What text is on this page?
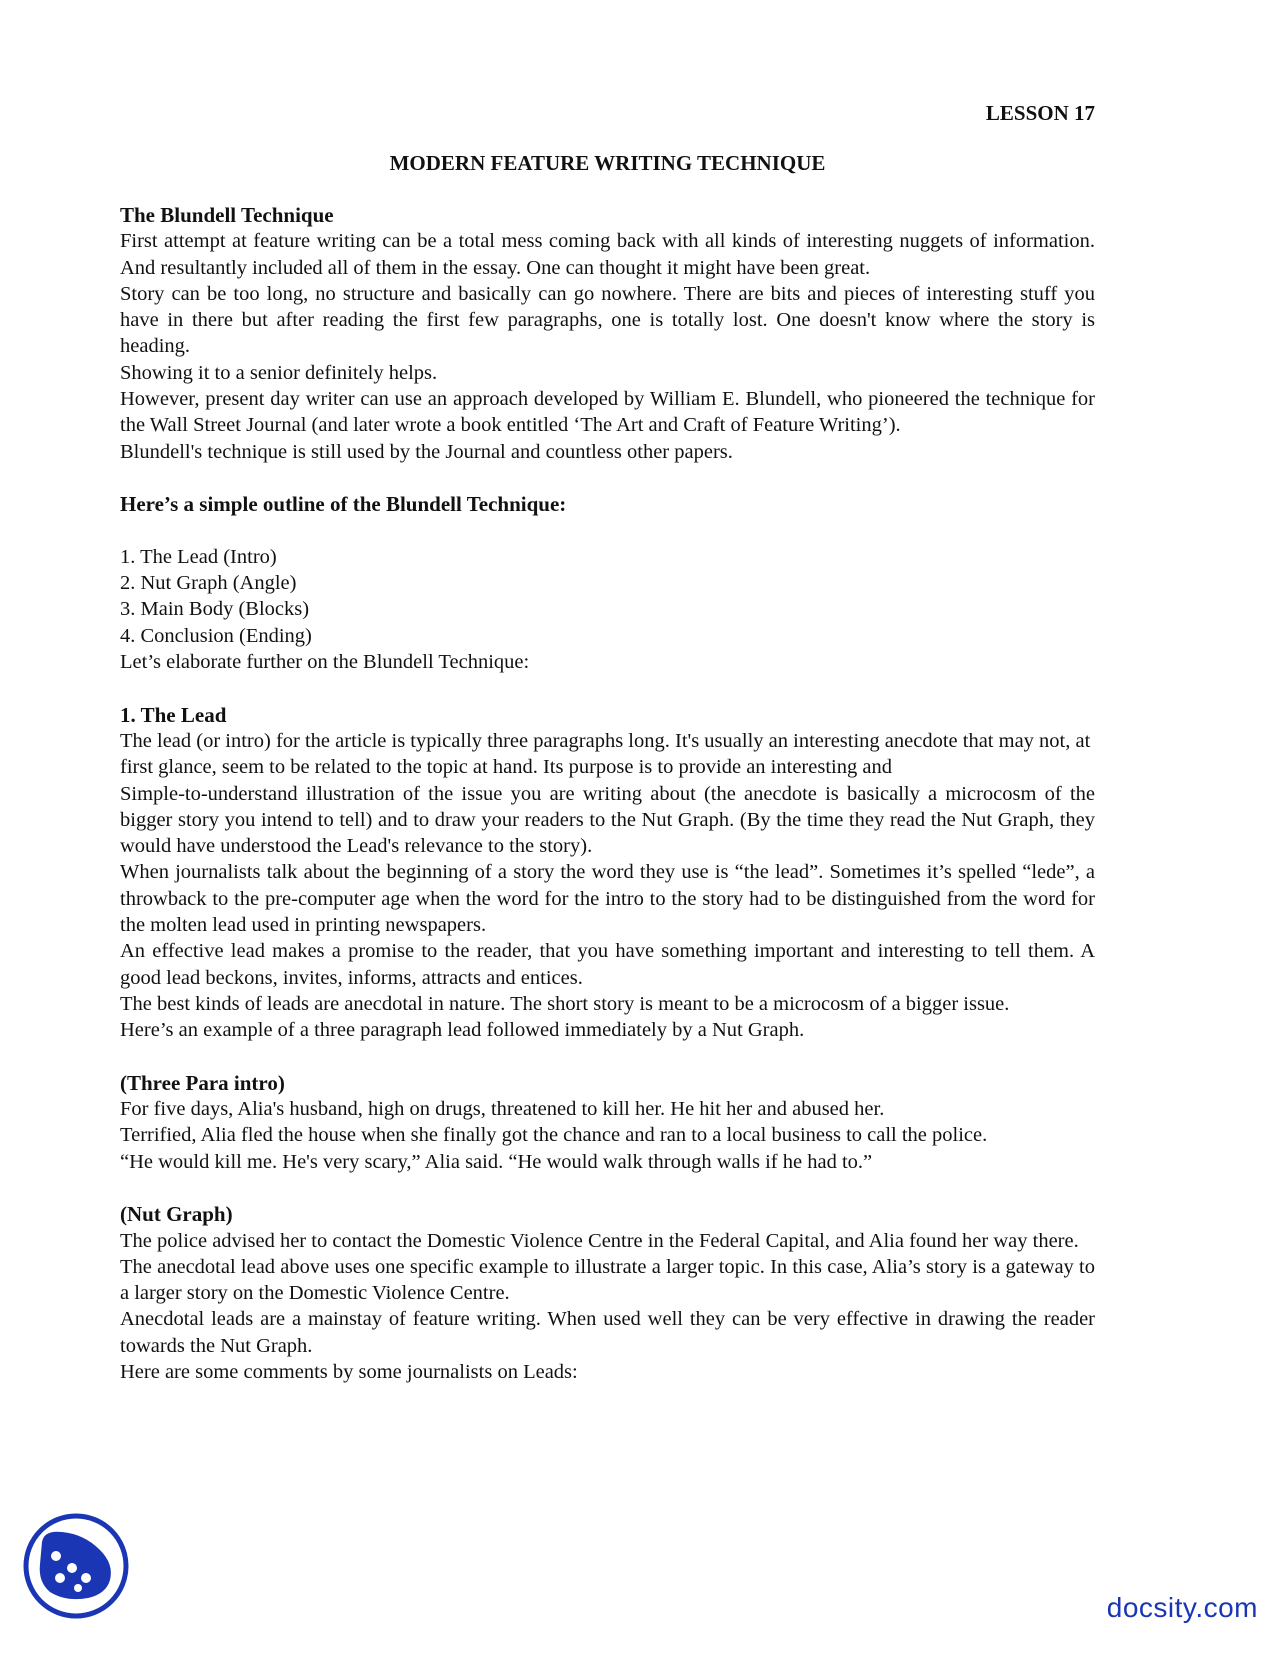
LESSON 17

MODERN FEATURE WRITING TECHNIQUE

The Blundell Technique

First attempt at feature writing can be a total mess coming back with all kinds of interesting nuggets of information. And resultantly included all of them in the essay. One can thought it might have been great.

Story can be too long, no structure and basically can go nowhere. There are bits and pieces of interesting stuff you have in there but after reading the first few paragraphs, one is totally lost. One doesn't know where the story is heading.

Showing it to a senior definitely helps.

However, present day writer can use an approach developed by William E. Blundell, who pioneered the technique for the Wall Street Journal (and later wrote a book entitled ‘The Art and Craft of Feature Writing’).

Blundell's technique is still used by the Journal and countless other papers.

Here’s a simple outline of the Blundell Technique:

1. The Lead (Intro)

2. Nut Graph (Angle)

3. Main Body (Blocks)

4. Conclusion (Ending)

Let’s elaborate further on the Blundell Technique:

1. The Lead

The lead (or intro) for the article is typically three paragraphs long. It's usually an interesting anecdote that may not, at first glance, seem to be related to the topic at hand. Its purpose is to provide an interesting and

Simple-to-understand illustration of the issue you are writing about (the anecdote is basically a microcosm of the bigger story you intend to tell) and to draw your readers to the Nut Graph. (By the time they read the Nut Graph, they would have understood the Lead's relevance to the story).

When journalists talk about the beginning of a story the word they use is “the lead”. Sometimes it’s spelled “lede”, a throwback to the pre-computer age when the word for the intro to the story had to be distinguished from the word for the molten lead used in printing newspapers.

An effective lead makes a promise to the reader, that you have something important and interesting to tell them. A good lead beckons, invites, informs, attracts and entices.

The best kinds of leads are anecdotal in nature. The short story is meant to be a microcosm of a bigger issue.

Here’s an example of a three paragraph lead followed immediately by a Nut Graph.

(Three Para intro)

For five days, Alia's husband, high on drugs, threatened to kill her. He hit her and abused her.

Terrified, Alia fled the house when she finally got the chance and ran to a local business to call the police.

“He would kill me. He's very scary,” Alia said. “He would walk through walls if he had to.”

(Nut Graph)

The police advised her to contact the Domestic Violence Centre in the Federal Capital, and Alia found her way there.

The anecdotal lead above uses one specific example to illustrate a larger topic. In this case, Alia’s story is a gateway to a larger story on the Domestic Violence Centre.

Anecdotal leads are a mainstay of feature writing. When used well they can be very effective in drawing the reader towards the Nut Graph.

Here are some comments by some journalists on Leads:

docsity.com
